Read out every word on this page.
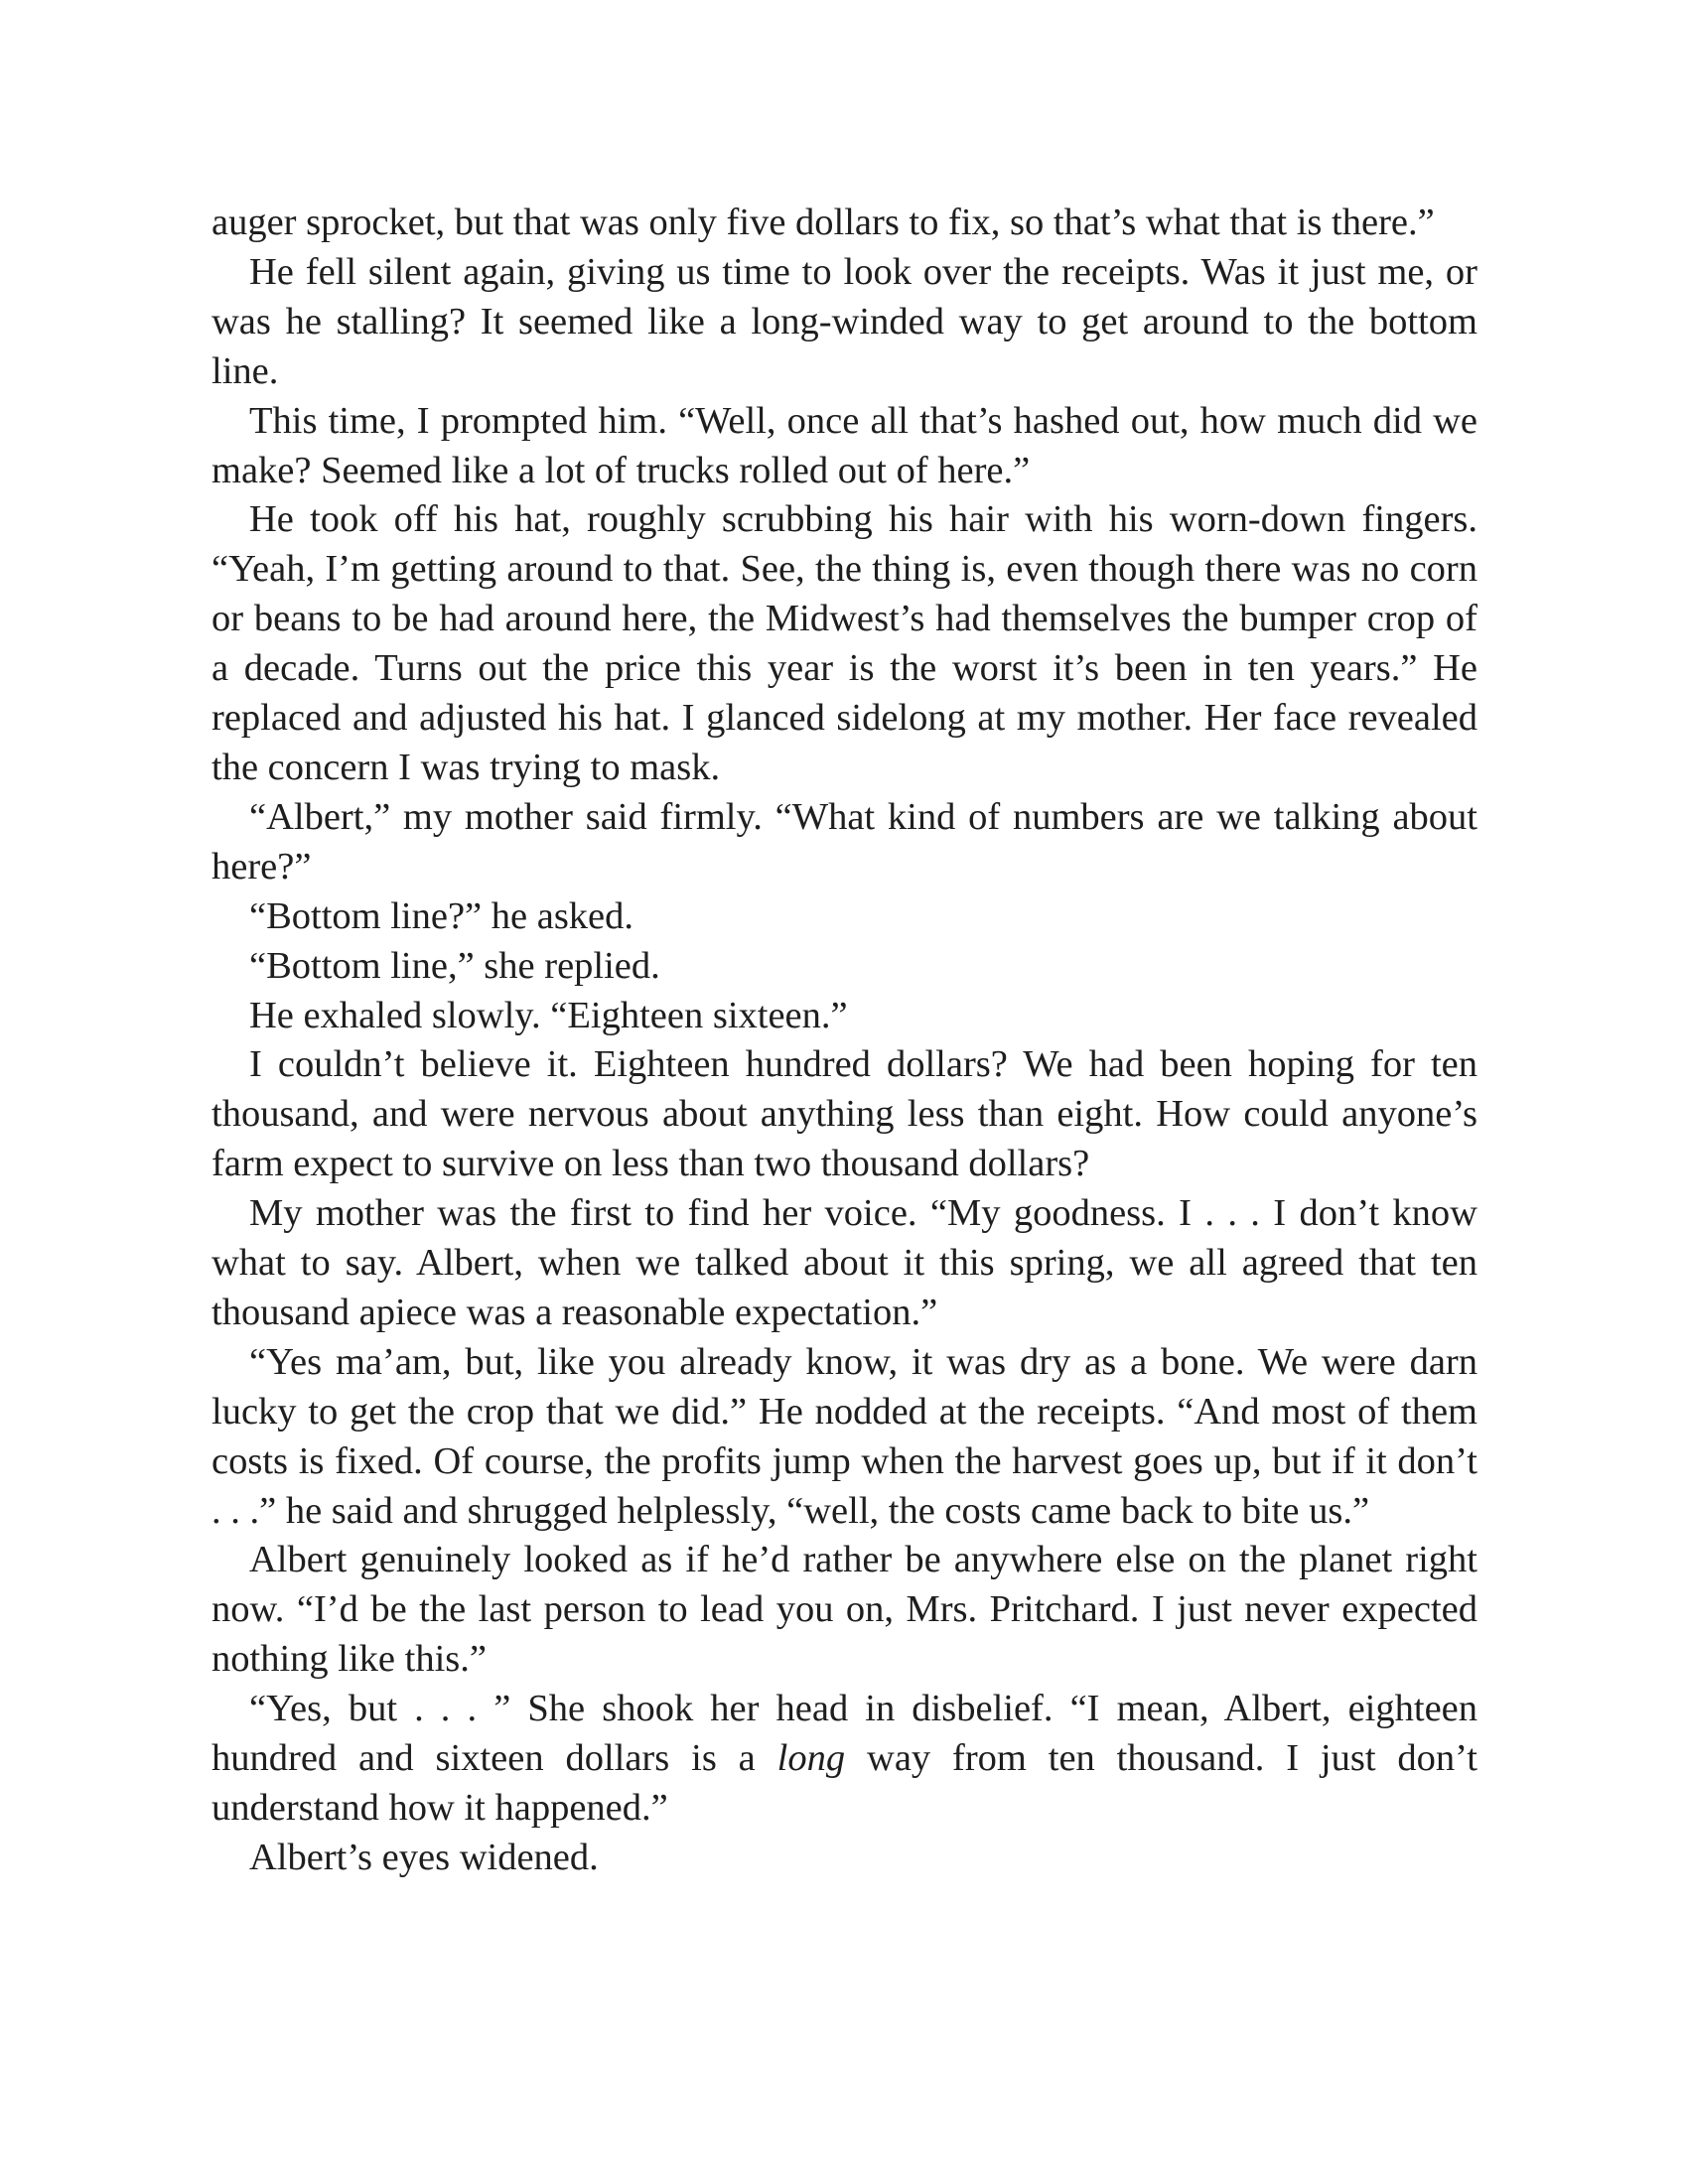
auger sprocket, but that was only five dollars to fix, so that’s what that is there.”

He fell silent again, giving us time to look over the receipts. Was it just me, or was he stalling? It seemed like a long-winded way to get around to the bottom line.

This time, I prompted him. “Well, once all that’s hashed out, how much did we make? Seemed like a lot of trucks rolled out of here.”

He took off his hat, roughly scrubbing his hair with his worn-down fingers. “Yeah, I’m getting around to that. See, the thing is, even though there was no corn or beans to be had around here, the Midwest’s had themselves the bumper crop of a decade. Turns out the price this year is the worst it’s been in ten years.” He replaced and adjusted his hat. I glanced sidelong at my mother. Her face revealed the concern I was trying to mask.

“Albert,” my mother said firmly. “What kind of numbers are we talking about here?”

“Bottom line?” he asked.

“Bottom line,” she replied.

He exhaled slowly. “Eighteen sixteen.”

I couldn’t believe it. Eighteen hundred dollars? We had been hoping for ten thousand, and were nervous about anything less than eight. How could anyone’s farm expect to survive on less than two thousand dollars?

My mother was the first to find her voice. “My goodness. I . . . I don’t know what to say. Albert, when we talked about it this spring, we all agreed that ten thousand apiece was a reasonable expectation.”

“Yes ma’am, but, like you already know, it was dry as a bone. We were darn lucky to get the crop that we did.” He nodded at the receipts. “And most of them costs is fixed. Of course, the profits jump when the harvest goes up, but if it don’t . . .” he said and shrugged helplessly, “well, the costs came back to bite us.”

Albert genuinely looked as if he’d rather be anywhere else on the planet right now. “I’d be the last person to lead you on, Mrs. Pritchard. I just never expected nothing like this.”

“Yes, but . . . ” She shook her head in disbelief. “I mean, Albert, eighteen hundred and sixteen dollars is a long way from ten thousand. I just don’t understand how it happened.”

Albert’s eyes widened.
